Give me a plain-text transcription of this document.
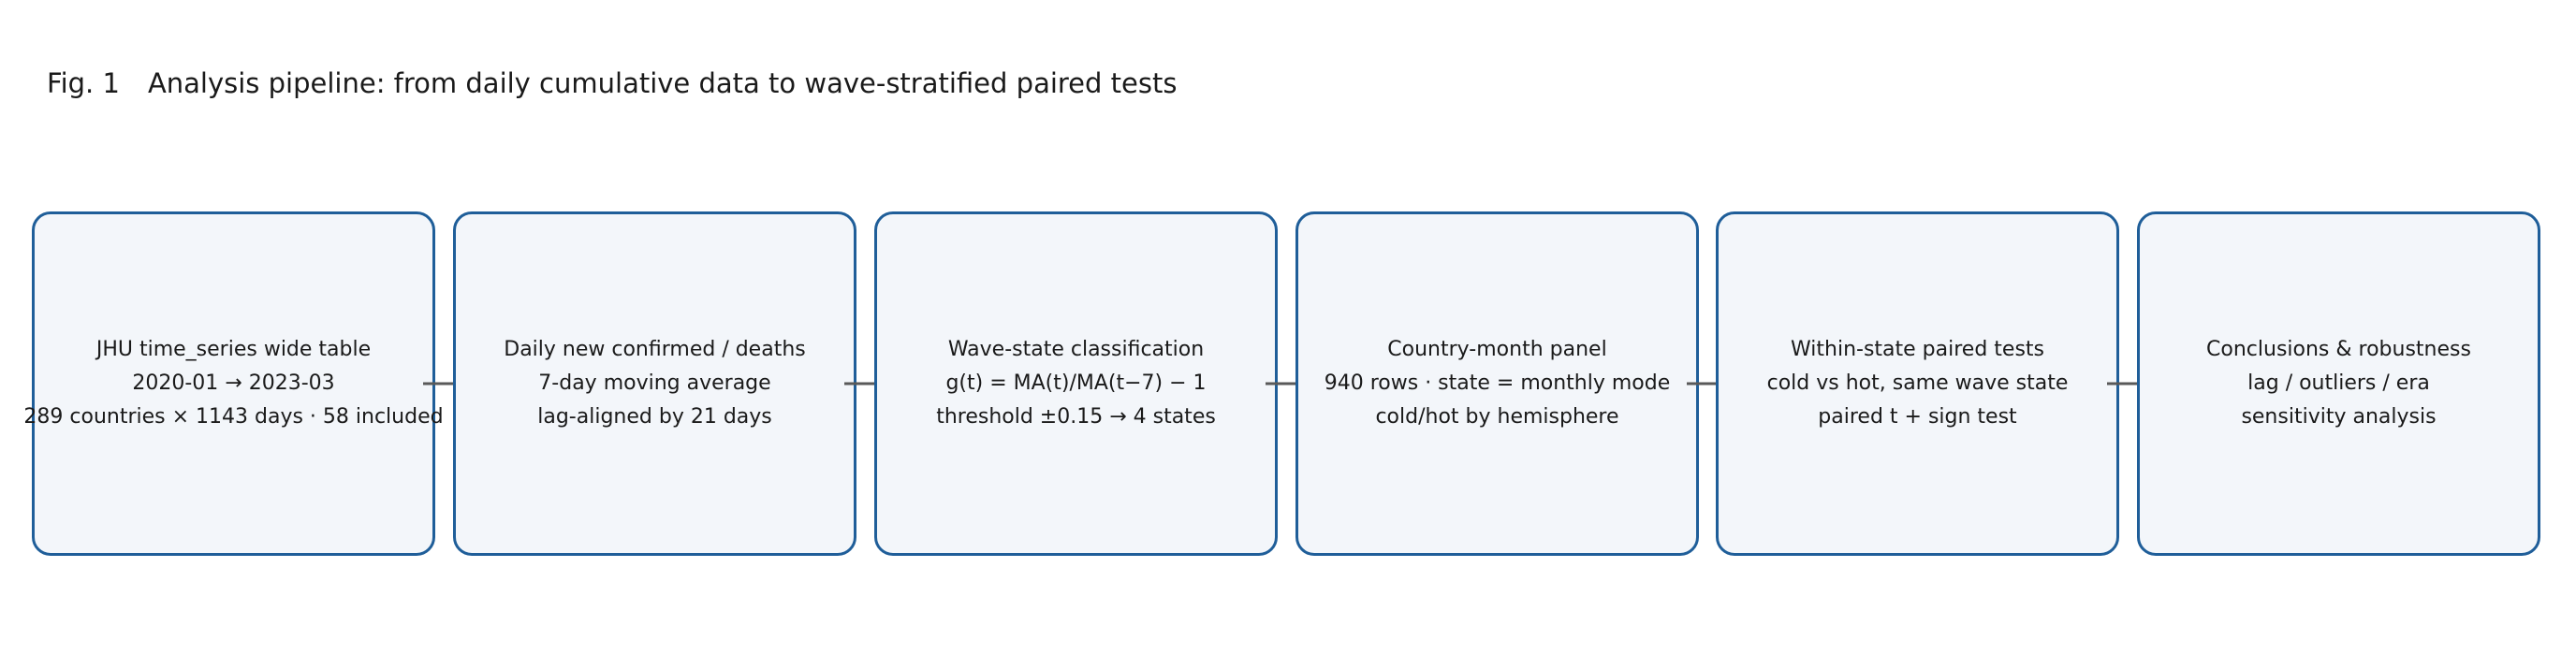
Fig. 1 Analysis pipeline: from daily cumulative data to wave-stratified paired tests
JHU time_series wide table
2020-01 → 2023-03
289 countries × 1143 days · 58 included
Daily new confirmed / deaths
7-day moving average
lag-aligned by 21 days
Wave-state classification
g(t) = MA(t)/MA(t−7) − 1
threshold ±0.15 → 4 states
Country-month panel
940 rows · state = monthly mode
cold/hot by hemisphere
Within-state paired tests
cold vs hot, same wave state
paired t + sign test
Conclusions & robustness
lag / outliers / era
sensitivity analysis
